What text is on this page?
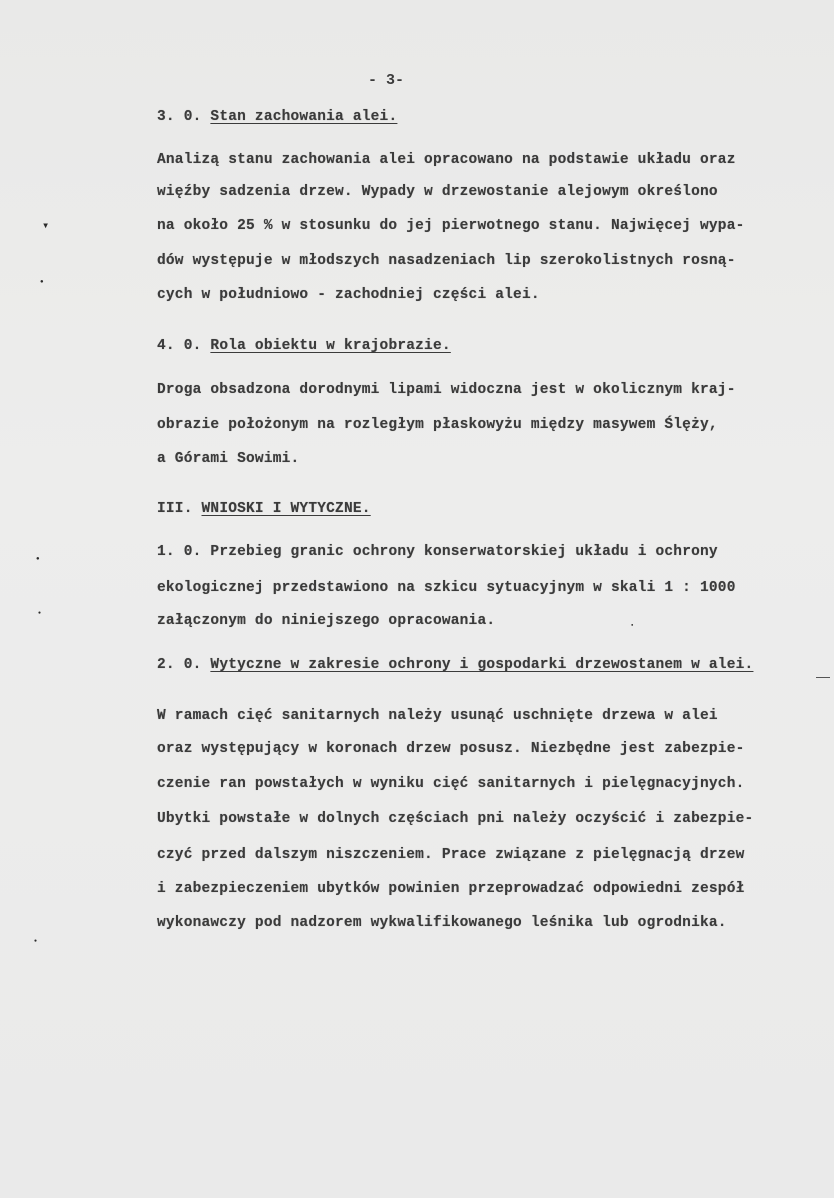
- 3-
3. 0. Stan zachowania alei.
Analizą stanu zachowania alei opracowano na podstawie układu oraz
więźby sadzenia drzew. Wypady w drzewostanie alejowym określono
na około 25 % w stosunku do jej pierwotnego stanu. Najwięcej wypa-
dów występuje w młodszych nasadzeniach lip szerokolistnych rosną-
cych w południowo - zachodniej części alei.
4. 0. Rola obiektu w krajobrazie.
Droga obsadzona dorodnymi lipami widoczna jest w okolicznym kraj-
obrazie położonym na rozległym płaskowyżu między masywem Ślęży,
a Górami Sowimi.
III. WNIOSKI I WYTYCZNE.
1. 0. Przebieg granic ochrony konserwatorskiej układu i ochrony
ekologicznej przedstawiono na szkicu sytuacyjnym w skali 1 : 1000
załączonym do niniejszego opracowania.
2. 0. Wytyczne w zakresie ochrony i gospodarki drzewostanem w alei.
W ramach cięć sanitarnych należy usunąć uschnięte drzewa w alei
oraz występujący w koronach drzew posusz. Niezbędne jest zabezpie-
czenie ran powstałych w wyniku cięć sanitarnych i pielęgnacyjnych.
Ubytki powstałe w dolnych częściach pni należy oczyścić i zabezpie-
czyć przed dalszym niszczeniem. Prace związane z pielęgnacją drzew
i zabezpieczeniem ubytków powinien przeprowadzać odpowiedni zespół
wykonawczy pod nadzorem wykwalifikowanego leśnika lub ogrodnika.
▾
●
●
●
●
●
